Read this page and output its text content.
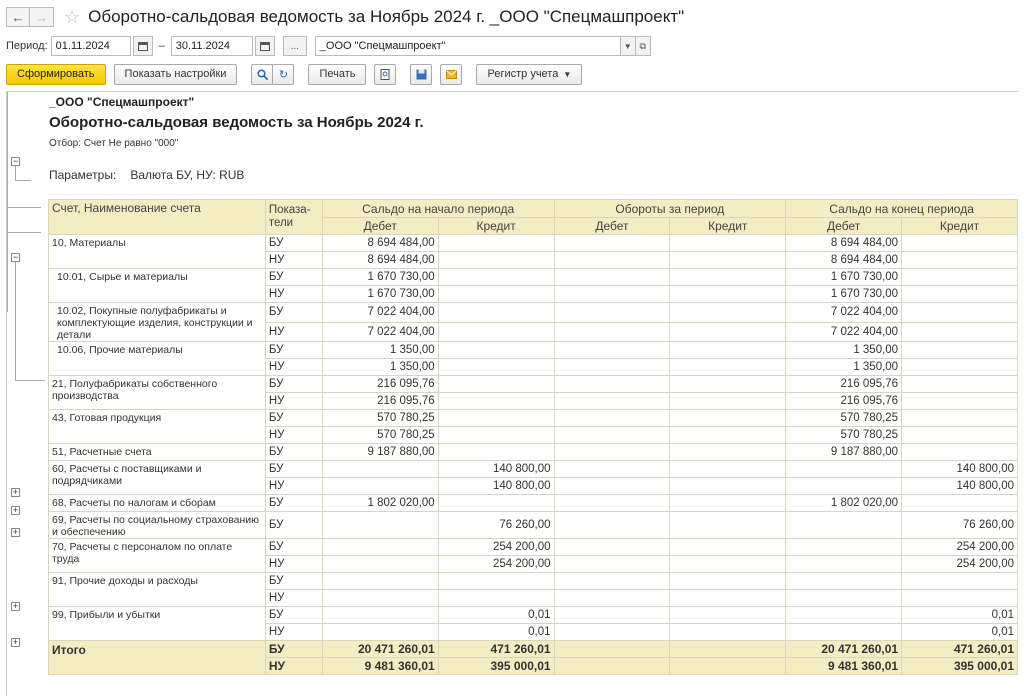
← → ☆ Оборотно-сальдовая ведомость за Ноябрь 2024 г. _ООО "Спецмашпроект"
Период: 01.11.2024	–	30.11.2024	...	_ООО "Спецмашпроект"	▼ ⧉
Сформировать	Показать настройки	↻	Печать	Регистр учета ▼
−
−
+
+
+
+
+
_ООО "Спецмашпроект"
Оборотно-сальдовая ведомость за Ноябрь 2024 г.
Отбор: Счет Не равно "000"
Параметры: Валюта БУ, НУ: RUB
Счет, Наименование счета	Показа-
тели	Сальдо на начало периода		Обороты за период		Сальдо на конец периода	
		Дебет	Кредит	Дебет	Кредит	Дебет	Кредит
10, Материалы	БУ	8 694 484,00				8 694 484,00	
	НУ	8 694 484,00				8 694 484,00	
10.01, Сырье и материалы	БУ	1 670 730,00				1 670 730,00	
	НУ	1 670 730,00				1 670 730,00	
10.02, Покупные полуфабрикаты и комплектующие изделия, конструкции и детали	БУ	7 022 404,00				7 022 404,00	
	НУ	7 022 404,00				7 022 404,00	
10.06, Прочие материалы	БУ	1 350,00				1 350,00	
	НУ	1 350,00				1 350,00	
21, Полуфабрикаты собственного производства	БУ	216 095,76				216 095,76	
	НУ	216 095,76				216 095,76	
43, Готовая продукция	БУ	570 780,25				570 780,25	
	НУ	570 780,25				570 780,25	
51, Расчетные счета	БУ	9 187 880,00				9 187 880,00	
60, Расчеты с поставщиками и подрядчиками	БУ		140 800,00				140 800,00
	НУ		140 800,00				140 800,00
68, Расчеты по налогам и сборам	БУ	1 802 020,00				1 802 020,00	
69, Расчеты по социальному страхованию и обеспечению	БУ		76 260,00				76 260,00
70, Расчеты с персоналом по оплате труда	БУ		254 200,00				254 200,00
	НУ		254 200,00				254 200,00
91, Прочие доходы и расходы	БУ						
	НУ						
99, Прибыли и убытки	БУ		0,01				0,01
	НУ		0,01				0,01
Итого	БУ	20 471 260,01	471 260,01			20 471 260,01	471 260,01
	НУ	9 481 360,01	395 000,01			9 481 360,01	395 000,01
